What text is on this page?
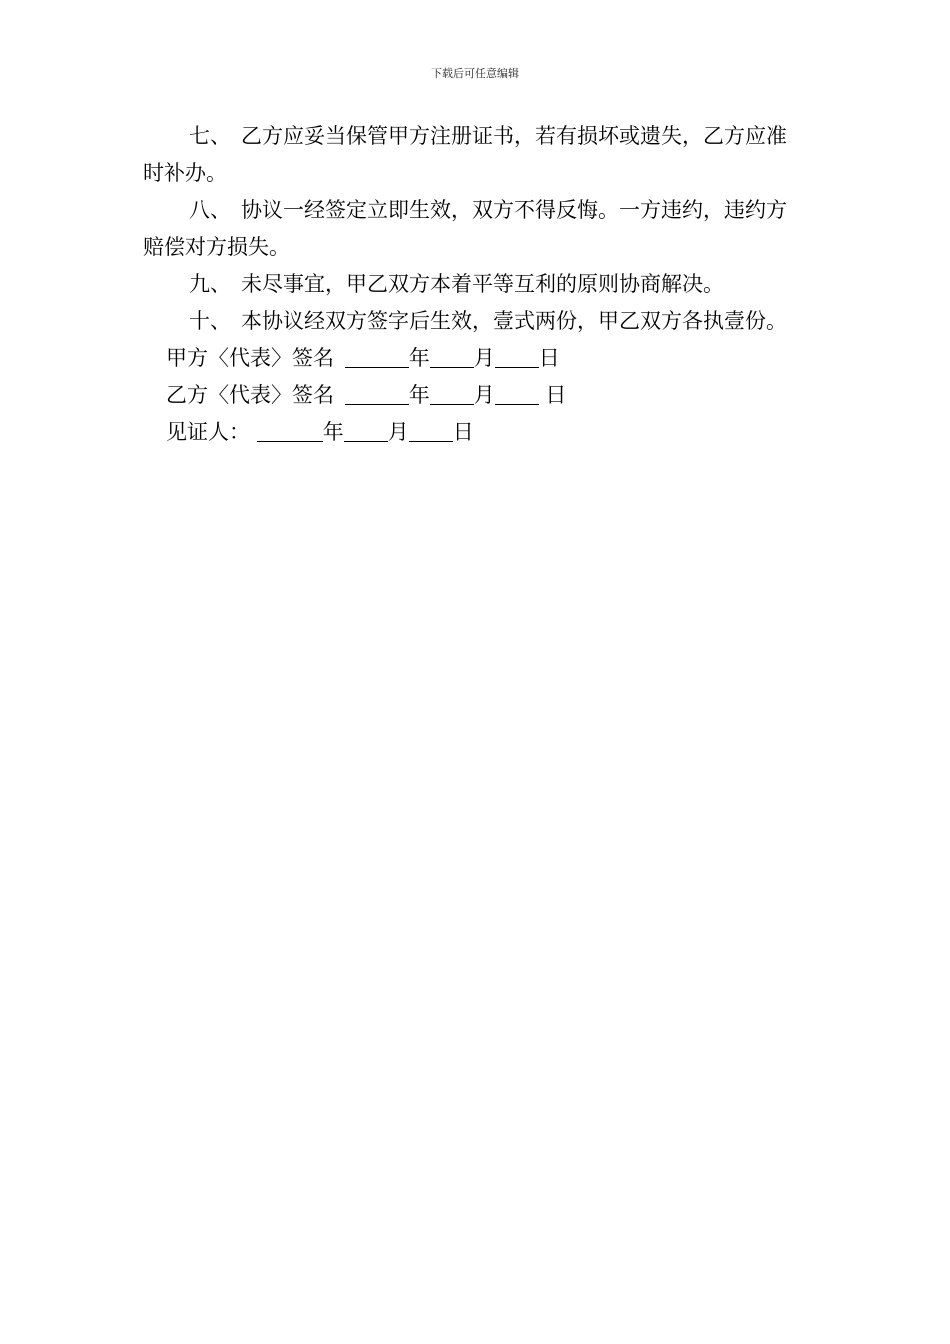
下载后可任意编辑

七、 乙方应妥当保管甲方注册证书，若有损坏或遗失，乙方应准时补办。

八、 协议一经签定立即生效，双方不得反悔。一方违约，违约方赔偿对方损失。

九、 未尽事宜，甲乙双方本着平等互利的原则协商解决。

十、 本协议经双方签字后生效，壹式两份，甲乙双方各执壹份。

甲方〈代表〉签名	年 月 日

乙方〈代表〉签名	年 月 日

见证人：	年 月 日
